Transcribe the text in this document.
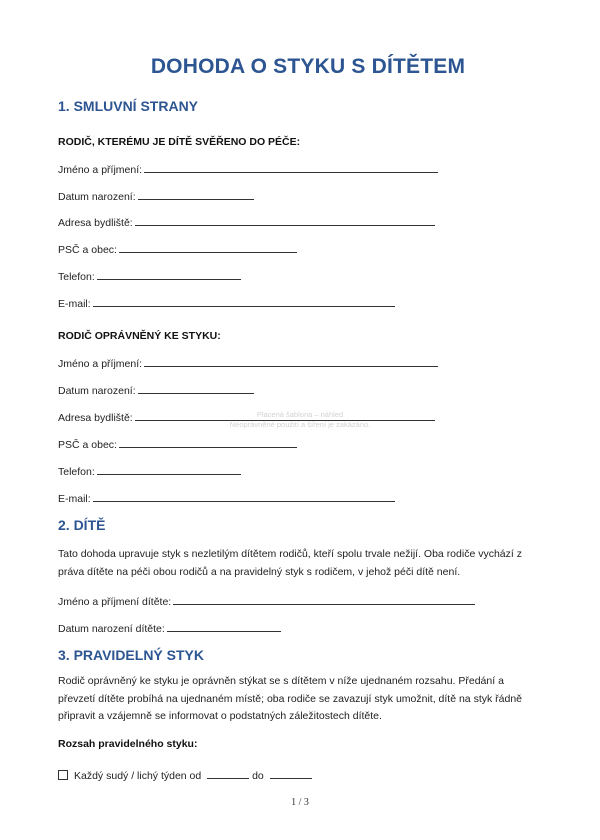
Placená šablona – náhled
Neoprávněné použití a šíření je zakázáno.
DOHODA O STYKU S DÍTĚTEM
1. SMLUVNÍ STRANY
RODIČ, KTERÉMU JE DÍTĚ SVĚŘENO DO PÉČE:
Jméno a příjmení:
Datum narození:
Adresa bydliště:
PSČ a obec:
Telefon:
E-mail:
RODIČ OPRÁVNĚNÝ KE STYKU:
Jméno a příjmení:
Datum narození:
Adresa bydliště:
PSČ a obec:
Telefon:
E-mail:
2. DÍTĚ
Tato dohoda upravuje styk s nezletilým dítětem rodičů, kteří spolu trvale nežijí. Oba rodiče vychází z práva dítěte na péči obou rodičů a na pravidelný styk s rodičem, v jehož péči dítě není.
Jméno a příjmení dítěte:
Datum narození dítěte:
3. PRAVIDELNÝ STYK
Rodič oprávněný ke styku je oprávněn stýkat se s dítětem v níže ujednaném rozsahu. Předání a převzetí dítěte probíhá na ujednaném místě; oba rodiče se zavazují styk umožnit, dítě na styk řádně připravit a vzájemně se informovat o podstatných záležitostech dítěte.
Rozsah pravidelného styku:
Každý sudý / lichý týden od	do
1 / 3
